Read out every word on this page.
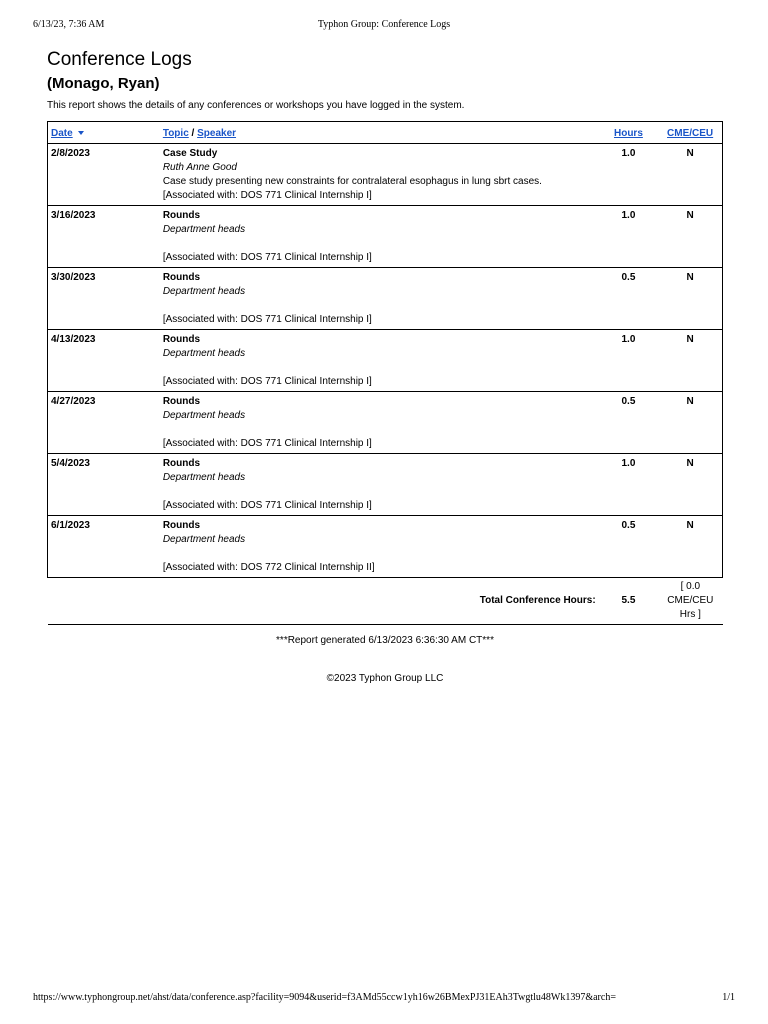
6/13/23, 7:36 AM	Typhon Group: Conference Logs
Conference Logs
(Monago, Ryan)

This report shows the details of any conferences or workshops you have logged in the system.

Date	Topic / Speaker	Hours	CME/CEU
2/8/2023	Case Study
Ruth Anne Good
Case study presenting new constraints for contralateral esophagus in lung sbrt cases.
[Associated with: DOS 771 Clinical Internship I]	1.0	N
3/16/2023	Rounds
Department heads
[Associated with: DOS 771 Clinical Internship I]	1.0	N
3/30/2023	Rounds
Department heads
[Associated with: DOS 771 Clinical Internship I]	0.5	N
4/13/2023	Rounds
Department heads
[Associated with: DOS 771 Clinical Internship I]	1.0	N
4/27/2023	Rounds
Department heads
[Associated with: DOS 771 Clinical Internship I]	0.5	N
5/4/2023	Rounds
Department heads
[Associated with: DOS 771 Clinical Internship I]	1.0	N
6/1/2023	Rounds
Department heads
[Associated with: DOS 772 Clinical Internship II]	0.5	N
Total Conference Hours:		5.5	[ 0.0
CME/CEU
Hrs ]
***Report generated 6/13/2023 6:36:30 AM CT***
©2023 Typhon Group LLC
https://www.typhongroup.net/ahst/data/conference.asp?facility=9094&userid=f3AMd55ccw1yh16w26BMexPJ31EAh3Twgtlu48Wk1397&arch=	1/1
